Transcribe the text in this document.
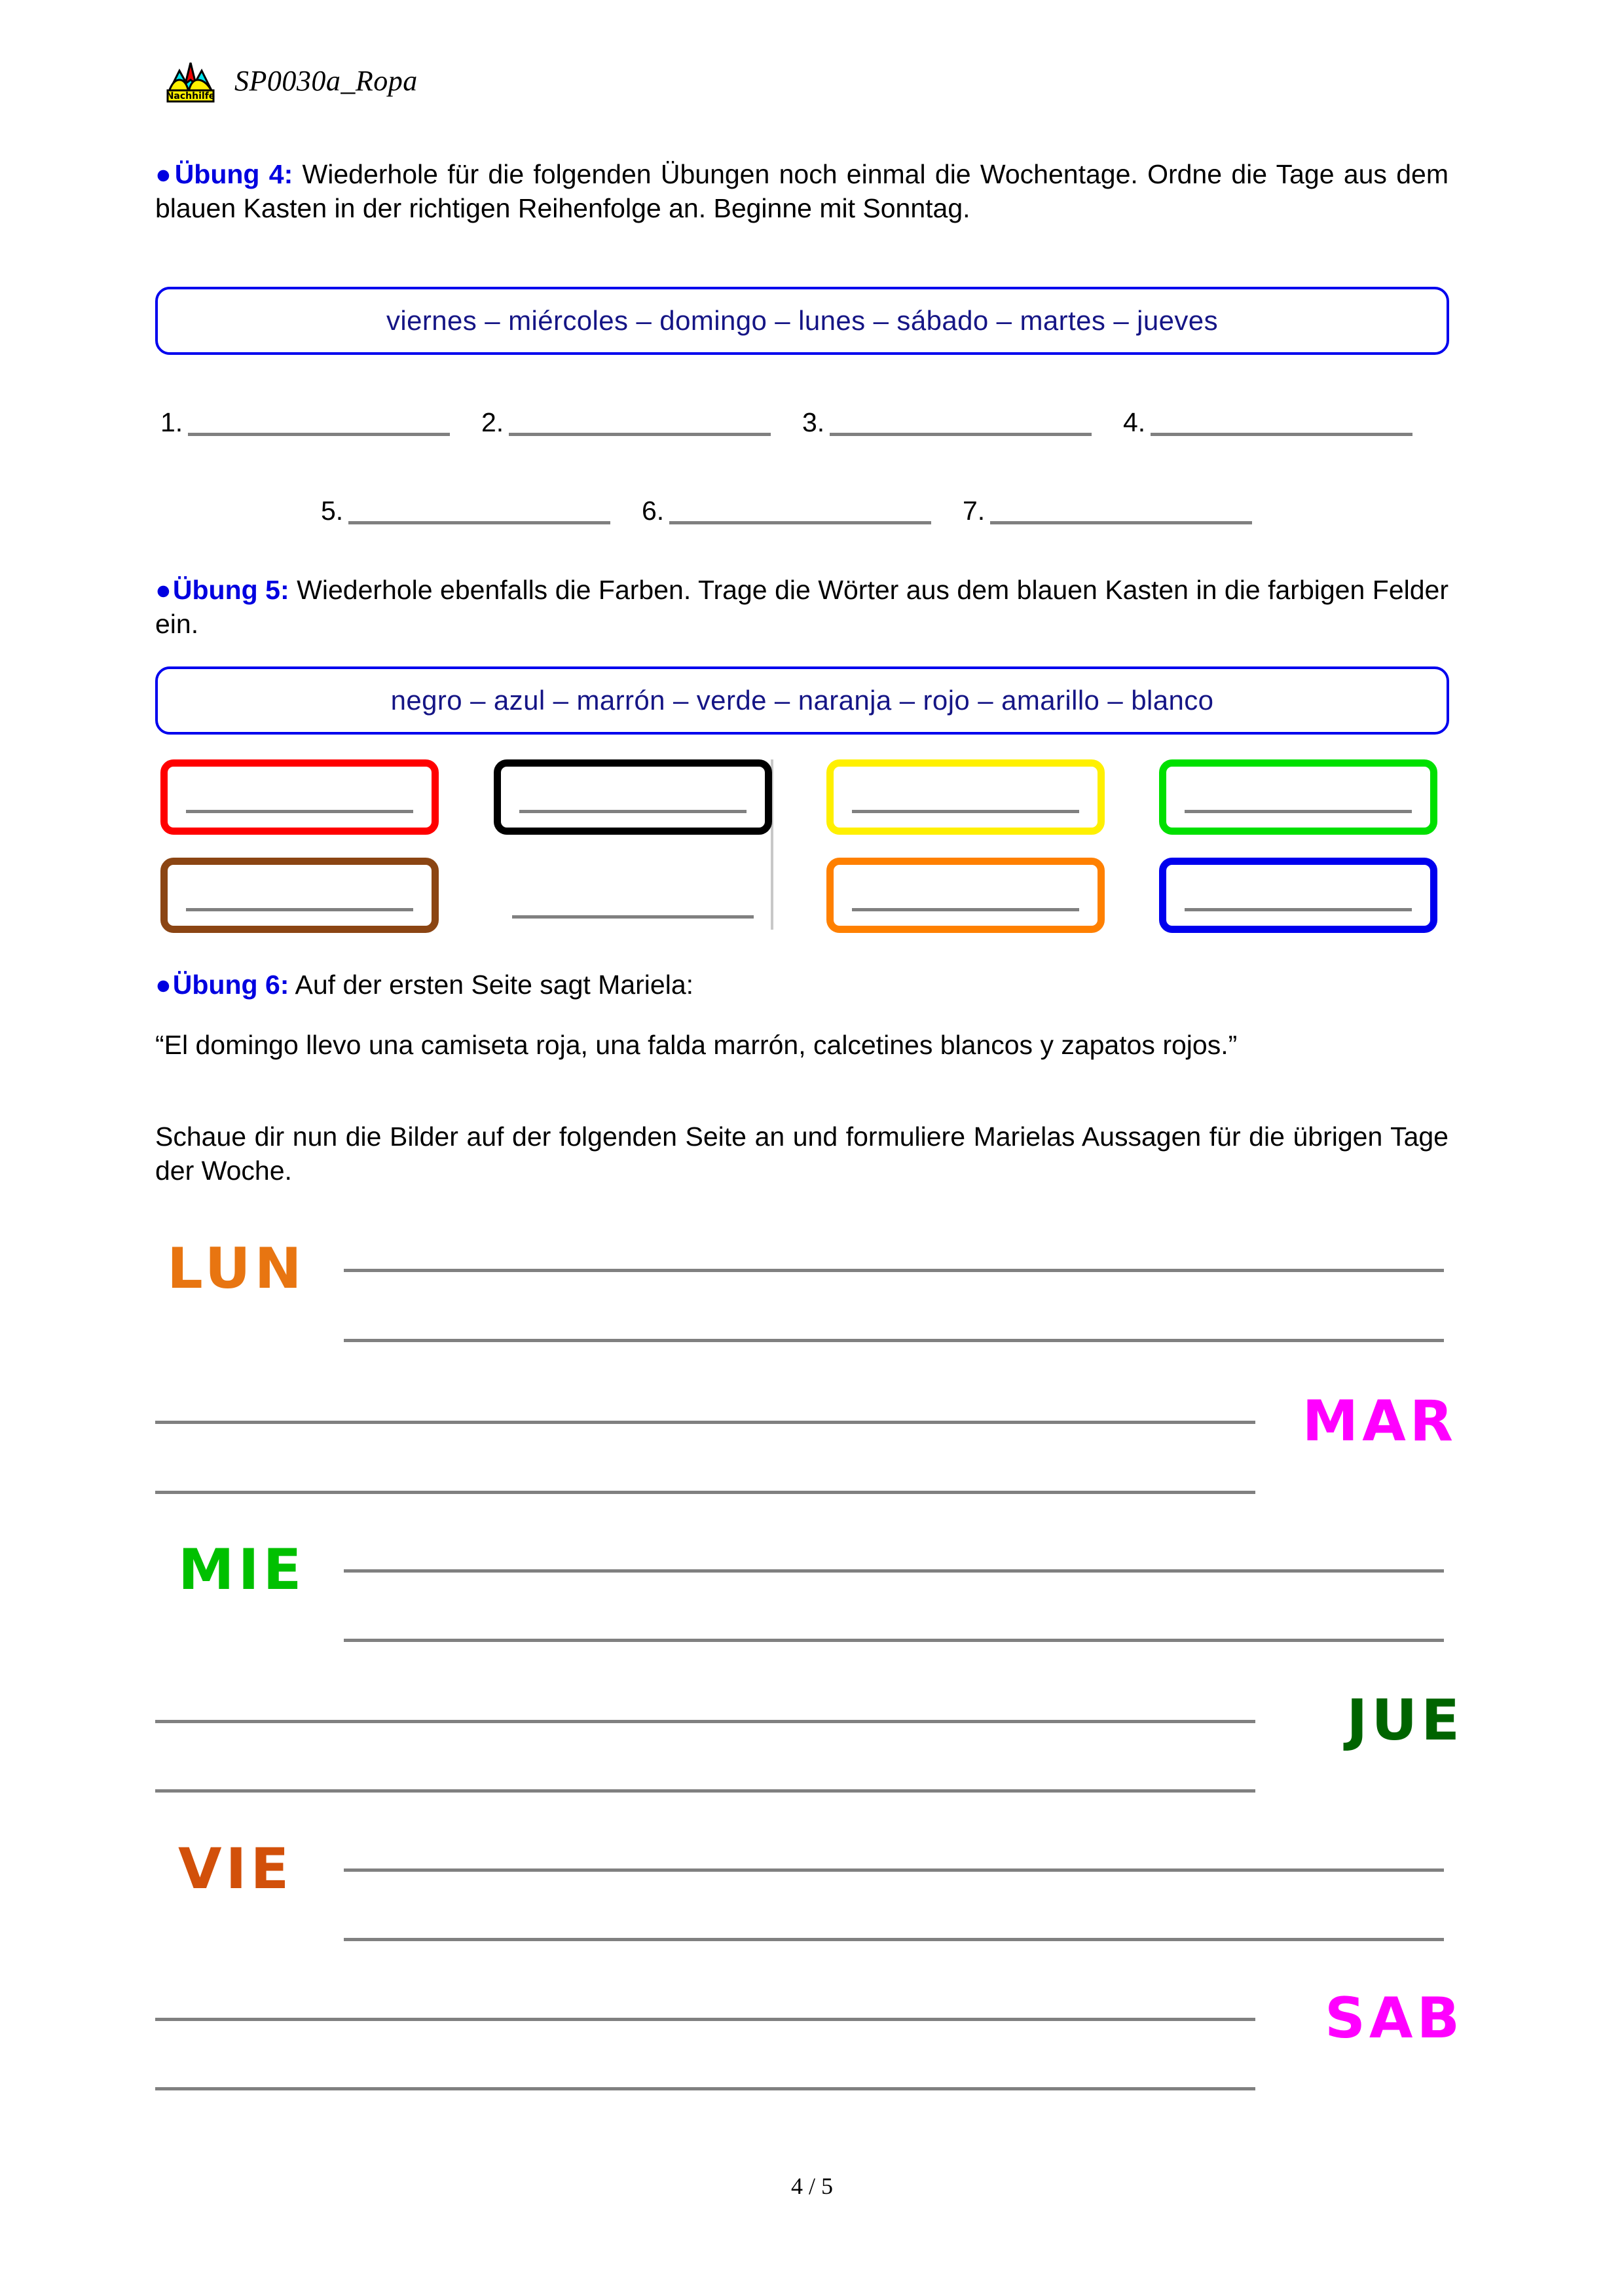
Nachhilfe SP0030a_Ropa
●Übung 4: Wiederhole für die folgenden Übungen noch einmal die Wochentage. Ordne die Tage aus dem blauen Kasten in der richtigen Reihenfolge an. Beginne mit Sonntag.
viernes – miércoles – domingo – lunes – sábado – martes – jueves
1.	2.	3.	4.
5.	6.	7.
●Übung 5: Wiederhole ebenfalls die Farben. Trage die Wörter aus dem blauen Kasten in die farbigen Felder ein.
negro – azul – marrón – verde – naranja – rojo – amarillo – blanco
●Übung 6: Auf der ersten Seite sagt Mariela:
“El domingo llevo una camiseta roja, una falda marrón, calcetines blancos y zapatos rojos.”
Schaue dir nun die Bilder auf der folgenden Seite an und formuliere Marielas Aussagen für die übrigen Tage der Woche.
LUN
MAR
MIE
JUE
VIE
SAB
4 / 5
